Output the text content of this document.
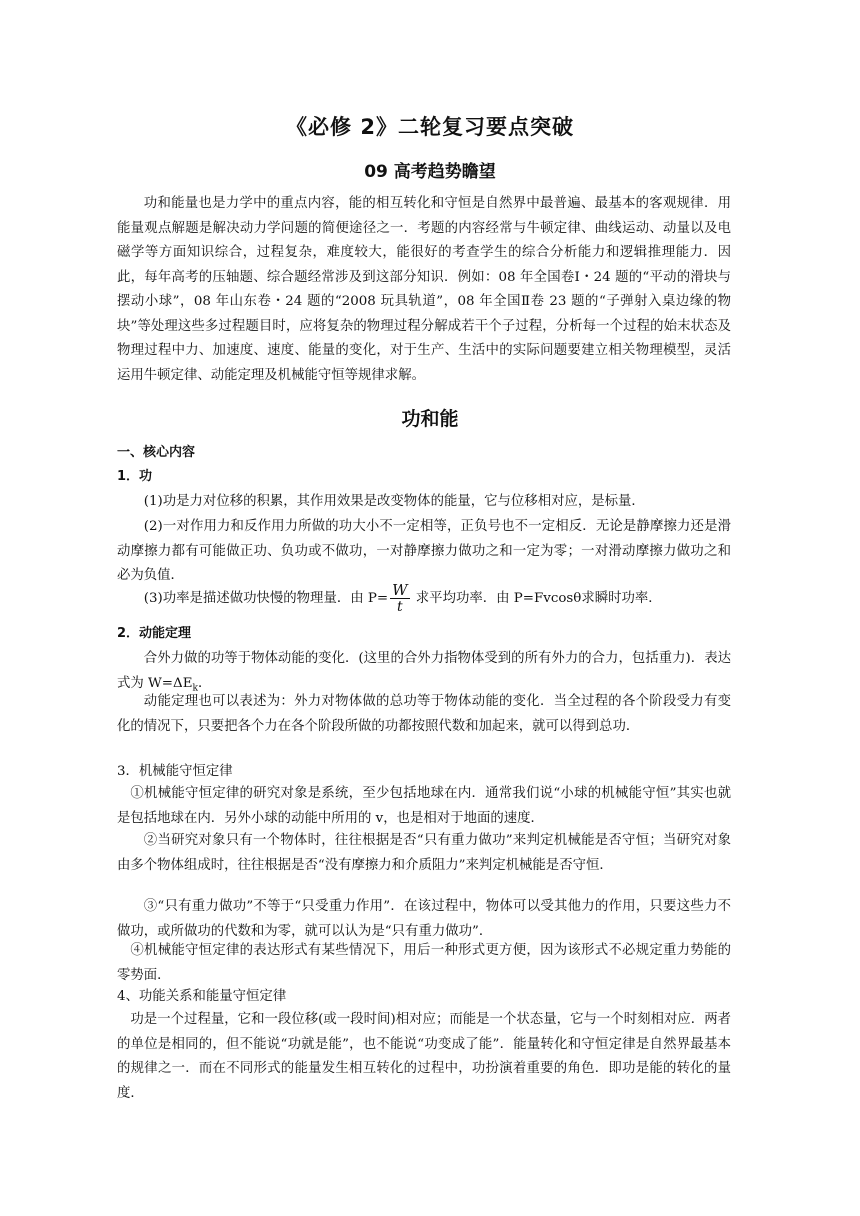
《必修 2》二轮复习要点突破
09 高考趋势瞻望
功和能量也是力学中的重点内容，能的相互转化和守恒是自然界中最普遍、最基本的客观规律．用能量观点解题是解决动力学问题的简便途径之一．考题的内容经常与牛顿定律、曲线运动、动量以及电磁学等方面知识综合，过程复杂，难度较大，能很好的考查学生的综合分析能力和逻辑推理能力．因此，每年高考的压轴题、综合题经常涉及到这部分知识．例如：08 年全国卷Ⅰ・24 题的“平动的滑块与摆动小球”，08 年山东卷・24 题的“2008 玩具轨道”，08 年全国Ⅱ卷 23 题的“子弹射入桌边缘的物块”等处理这些多过程题目时，应将复杂的物理过程分解成若干个子过程，分析每一个过程的始末状态及物理过程中力、加速度、速度、能量的变化，对于生产、生活中的实际问题要建立相关物理模型，灵活运用牛顿定律、动能定理及机械能守恒等规律求解。
功和能
一、核心内容
1．功
(1)功是力对位移的积累，其作用效果是改变物体的能量，它与位移相对应，是标量．
(2)一对作用力和反作用力所做的功大小不一定相等，正负号也不一定相反．无论是静摩擦力还是滑动摩擦力都有可能做正功、负功或不做功，一对静摩擦力做功之和一定为零；一对滑动摩擦力做功之和必为负值．
(3)功率是描述做功快慢的物理量．由 $P= \frac{W}{t}$ 求平均功率．由 P=Fvcosθ求瞬时功率．
2．动能定理
合外力做的功等于物体动能的变化．(这里的合外力指物体受到的所有外力的合力，包括重力)．表达式为 $W=\Delta E_k$．
动能定理也可以表述为：外力对物体做的总功等于物体动能的变化．当全过程的各个阶段受力有变化的情况下，只要把各个力在各个阶段所做的功都按照代数和加起来，就可以得到总功．
3．机械能守恒定律
①机械能守恒定律的研究对象是系统，至少包括地球在内．通常我们说“小球的机械能守恒”其实也就是包括地球在内．另外小球的动能中所用的 v，也是相对于地面的速度．
②当研究对象只有一个物体时，往往根据是否“只有重力做功”来判定机械能是否守恒；当研究对象由多个物体组成时，往往根据是否“没有摩擦力和介质阻力”来判定机械能是否守恒．
③“只有重力做功”不等于“只受重力作用”．在该过程中，物体可以受其他力的作用，只要这些力不做功，或所做功的代数和为零，就可以认为是“只有重力做功”．
④机械能守恒定律的表达形式有某些情况下，用后一种形式更方便，因为该形式不必规定重力势能的零势面．
4、功能关系和能量守恒定律
功是一个过程量，它和一段位移(或一段时间)相对应；而能是一个状态量，它与一个时刻相对应．两者的单位是相同的，但不能说“功就是能”，也不能说“功变成了能”．能量转化和守恒定律是自然界最基本的规律之一．而在不同形式的能量发生相互转化的过程中，功扮演着重要的角色．即功是能的转化的量度．
